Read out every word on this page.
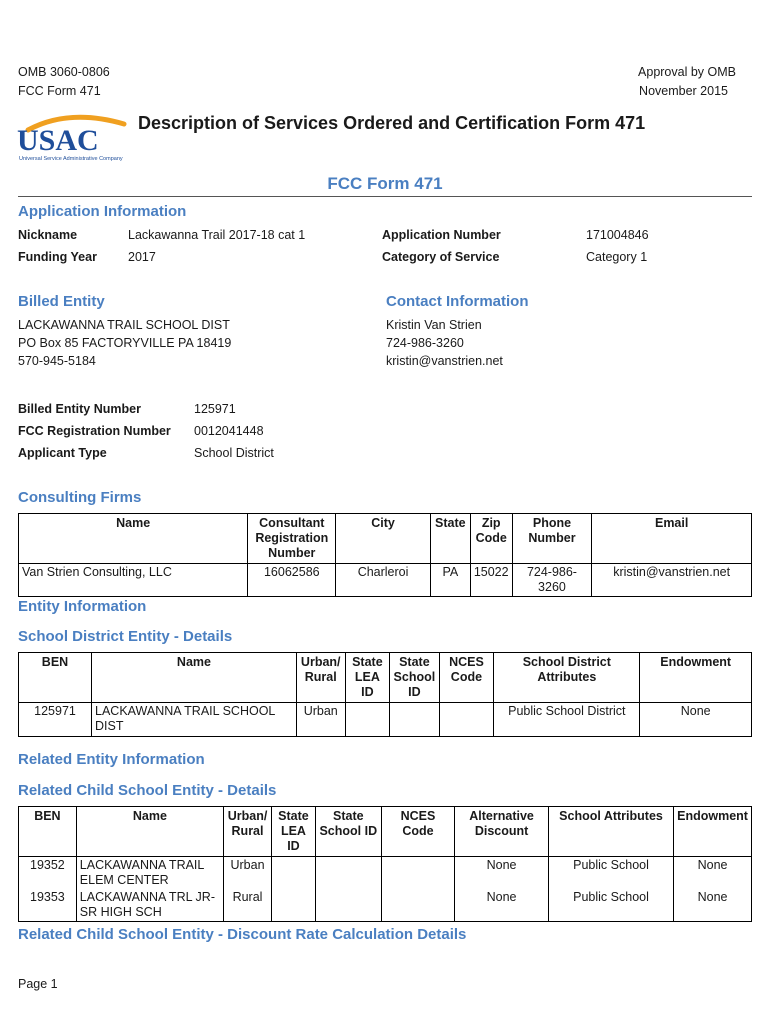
OMB 3060-0806
FCC Form 471
Approval by OMB
November 2015
USAC
Universal Service Administrative Company
Description of Services Ordered and Certification Form 471
FCC Form 471
Application Information
Nickname	Lackawanna Trail 2017-18 cat 1	Application Number	171004846
Funding Year 2017	Category of Service	Category 1
Billed Entity	Contact Information
LACKAWANNA TRAIL SCHOOL DIST
PO Box 85 FACTORYVILLE PA 18419
570-945-5184
Kristin Van Strien
724-986-3260
kristin@vanstrien.net
Billed Entity Number	125971
FCC Registration Number 0012041448
Applicant Type	School District
Consulting Firms
Name	Consultant Registration Number	City	State	Zip Code	Phone Number	Email
Van Strien Consulting, LLC	16062586	Charleroi	PA	15022	724-986-3260	kristin@vanstrien.net
Entity Information
School District Entity - Details
BEN	Name	Urban/ Rural	State LEA ID	State School ID	NCES Code	School District Attributes	Endowment
125971	LACKAWANNA TRAIL SCHOOL DIST	Urban				Public School District	None
Related Entity Information
Related Child School Entity - Details
BEN	Name	Urban/ Rural	State LEA ID	State School ID	NCES Code	Alternative Discount	School Attributes	Endowment
19352	LACKAWANNA TRAIL ELEM CENTER	Urban				None	Public School	None
19353	LACKAWANNA TRL JR-SR HIGH SCH	Rural				None	Public School	None
Related Child School Entity - Discount Rate Calculation Details
Page 1
